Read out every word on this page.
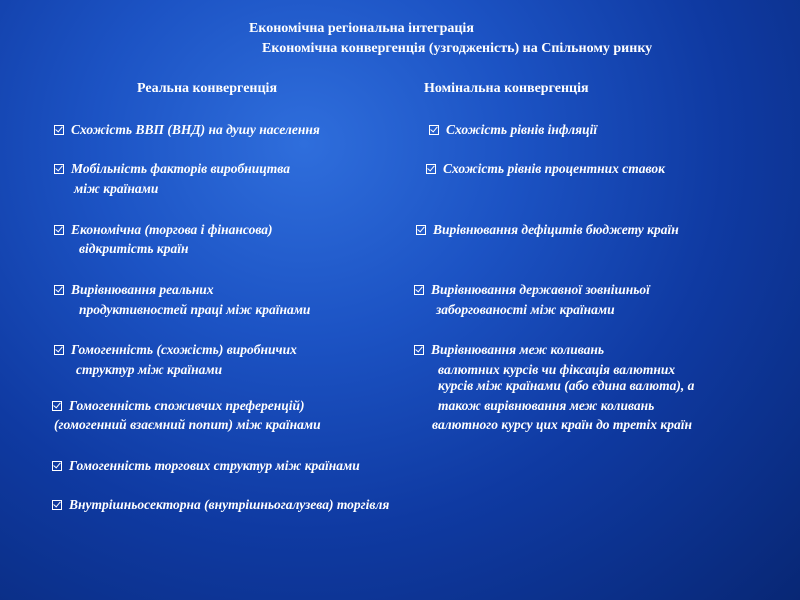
Економічна регіональна інтеграція
Економічна конвергенція (узгодженість) на Спільному ринку
Реальна конвергенція	Номінальна конвергенція
Схожість ВВП (ВНД) на душу населення
Мобільність факторів виробництва
між країнами
Економічна (торгова і фінансова)
відкритість країн
Вирівнювання реальних
продуктивностей праці між країнами
Гомогенність (схожість) виробничих
структур між країнами
Гомогенність споживчих преференцій)
(гомогенний взаємний попит) між країнами
Гомогенність торгових структур між країнами
Внутрішньосекторна (внутрішньогалузева) торгівля
Схожість рівнів інфляції
Схожість рівнів процентних ставок
Вирівнювання дефіцитів бюджету країн
Вирівнювання державної зовнішньої
заборгованості між країнами
Вирівнювання меж коливань
валютних курсів чи фіксація валютних
курсів між країнами (або єдина валюта), а
також вирівнювання меж коливань
валютного курсу цих країн до третіх країн
